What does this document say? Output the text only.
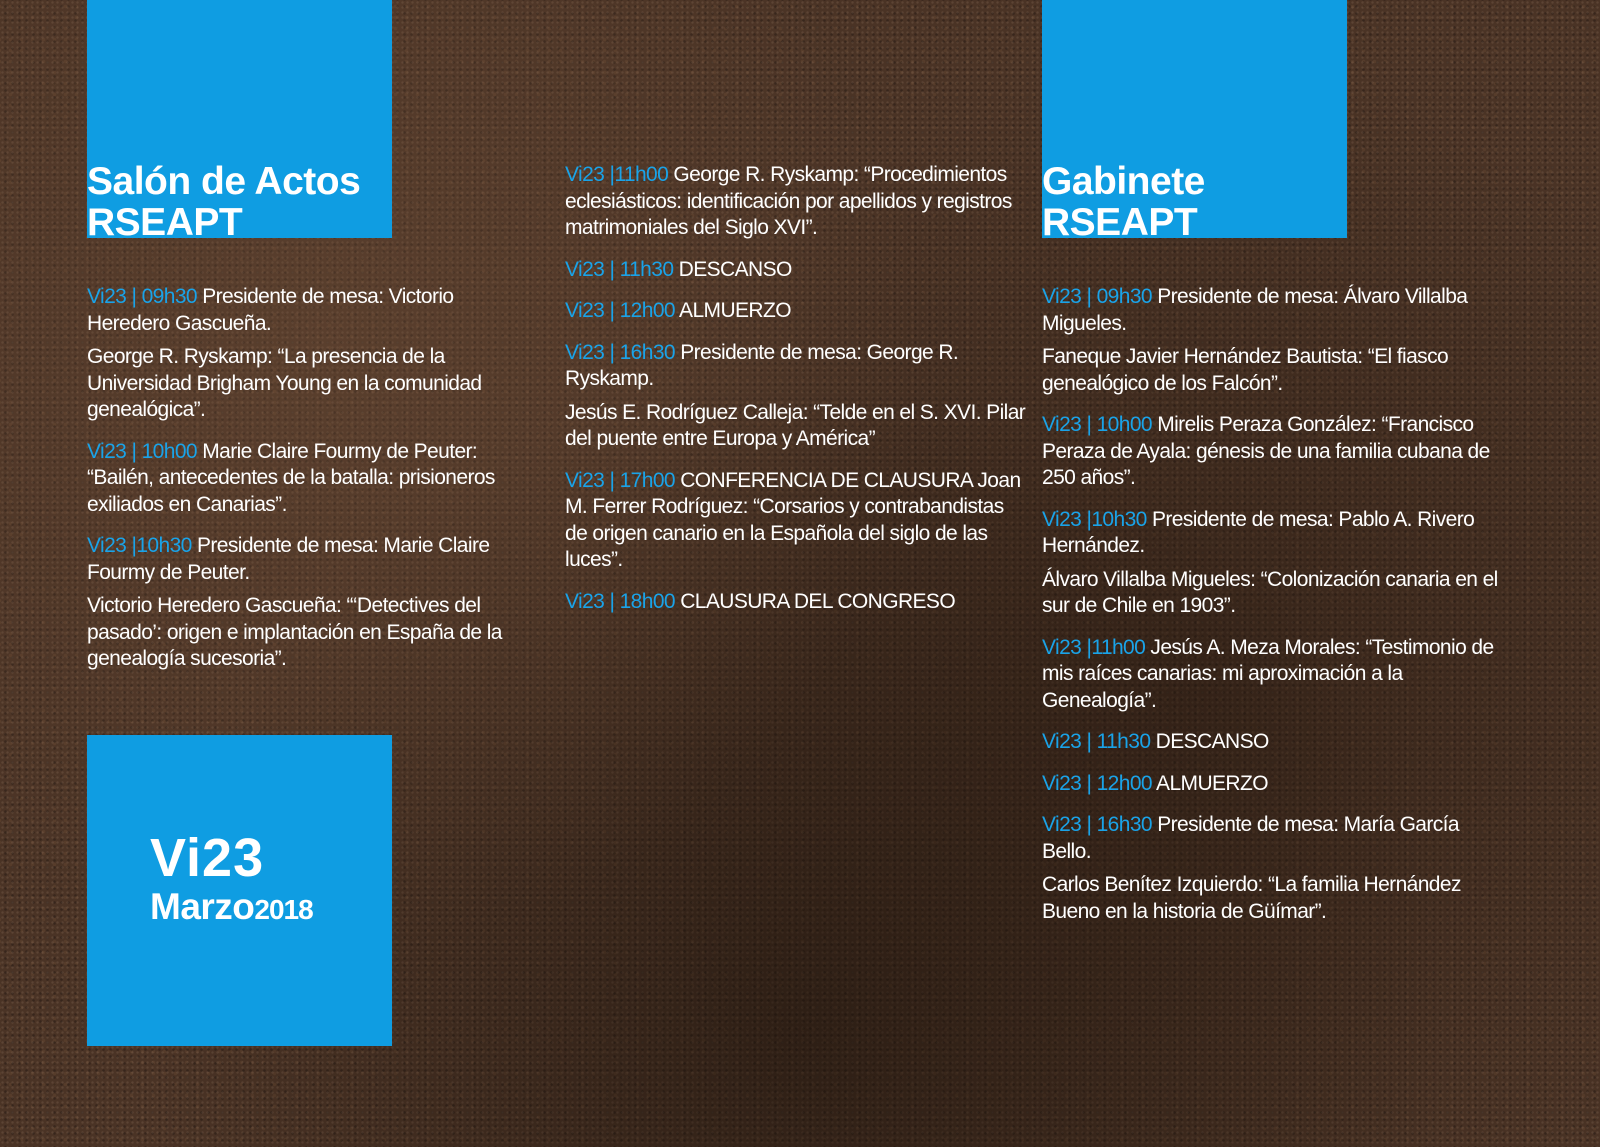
Salón de Actos
RSEAPT
Gabinete
RSEAPT
Vi23
Marzo2018

Vi23 | 09h30 Presidente de mesa: Victorio Heredero Gascueña.

George R. Ryskamp: “La presencia de la Universidad Brigham Young en la comunidad genealógica”.

Vi23 | 10h00 Marie Claire Fourmy de Peuter: “Bailén, antecedentes de la batalla: prisioneros exiliados en Canarias”.

Vi23 |10h30 Presidente de mesa: Marie Claire Fourmy de Peuter.

Victorio Heredero Gascueña: “‘Detectives del pasado’: origen e implantación en España de la genealogía sucesoria”.

Vi23 |11h00 George R. Ryskamp: “Procedimientos eclesiásticos: identificación por apellidos y registros matrimoniales del Siglo XVI”.

Vi23 | 11h30 DESCANSO

Vi23 | 12h00 ALMUERZO

Vi23 | 16h30 Presidente de mesa: George R. Ryskamp.

Jesús E. Rodríguez Calleja: “Telde en el S. XVI. Pilar del puente entre Europa y América”

Vi23 | 17h00 CONFERENCIA DE CLAUSURA Joan M. Ferrer Rodríguez: “Corsarios y contrabandistas de origen canario en la Española del siglo de las luces”.

Vi23 | 18h00 CLAUSURA DEL CONGRESO

Vi23 | 09h30 Presidente de mesa: Álvaro Villalba Migueles.

Faneque Javier Hernández Bautista: “El fiasco genealógico de los Falcón”.

Vi23 | 10h00 Mirelis Peraza González: “Francisco Peraza de Ayala: génesis de una familia cubana de 250 años”.

Vi23 |10h30 Presidente de mesa: Pablo A. Rivero Hernández.

Álvaro Villalba Migueles: “Colonización canaria en el sur de Chile en 1903”.

Vi23 |11h00 Jesús A. Meza Morales: “Testimonio de mis raíces canarias: mi aproximación a la Genealogía”.

Vi23 | 11h30 DESCANSO

Vi23 | 12h00 ALMUERZO

Vi23 | 16h30 Presidente de mesa: María García Bello.

Carlos Benítez Izquierdo: “La familia Hernández Bueno en la historia de Güímar”.
